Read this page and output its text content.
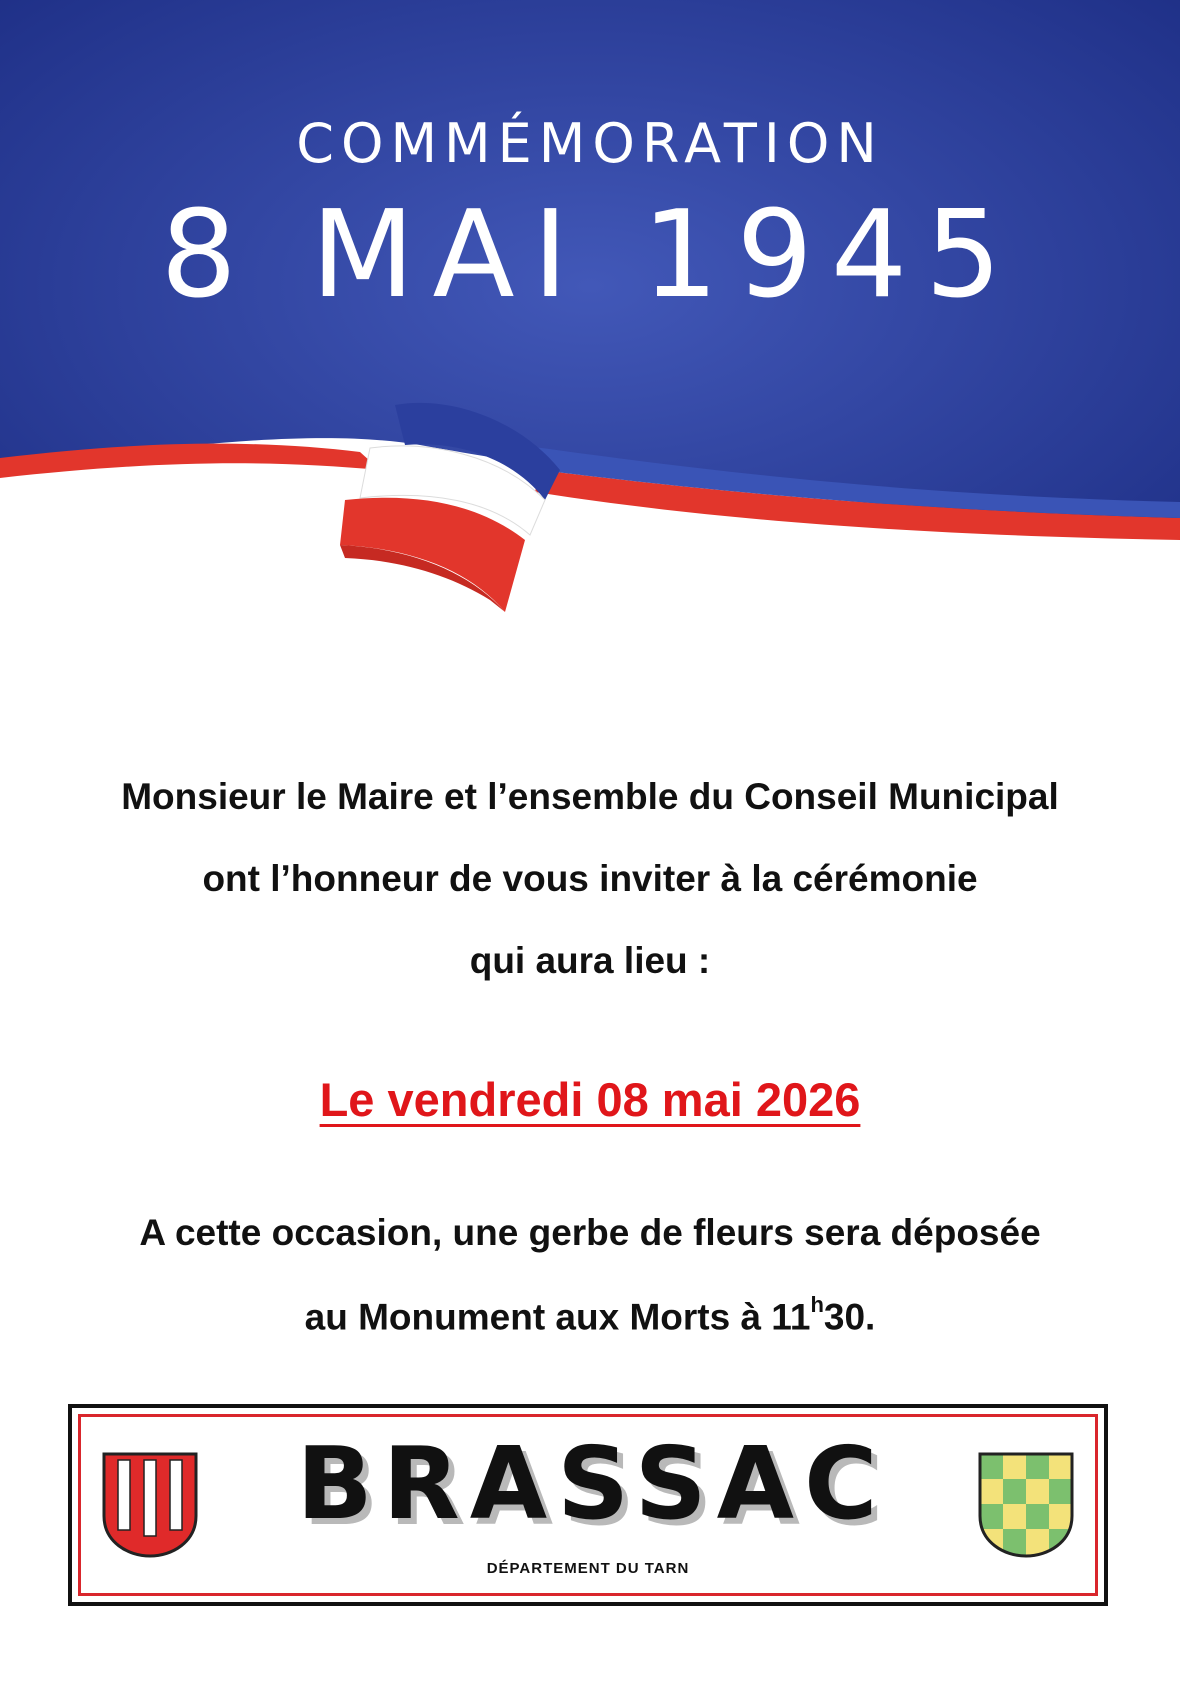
COMMÉMORATION
8 MAI 1945
Monsieur le Maire et l’ensemble du Conseil Municipal
ont l’honneur de vous inviter à la cérémonie
qui aura lieu :
Le vendredi 08 mai 2026
A cette occasion, une gerbe de fleurs sera déposée
au Monument aux Morts à 11$^h$30.
BRASSAC
DÉPARTEMENT DU TARN
